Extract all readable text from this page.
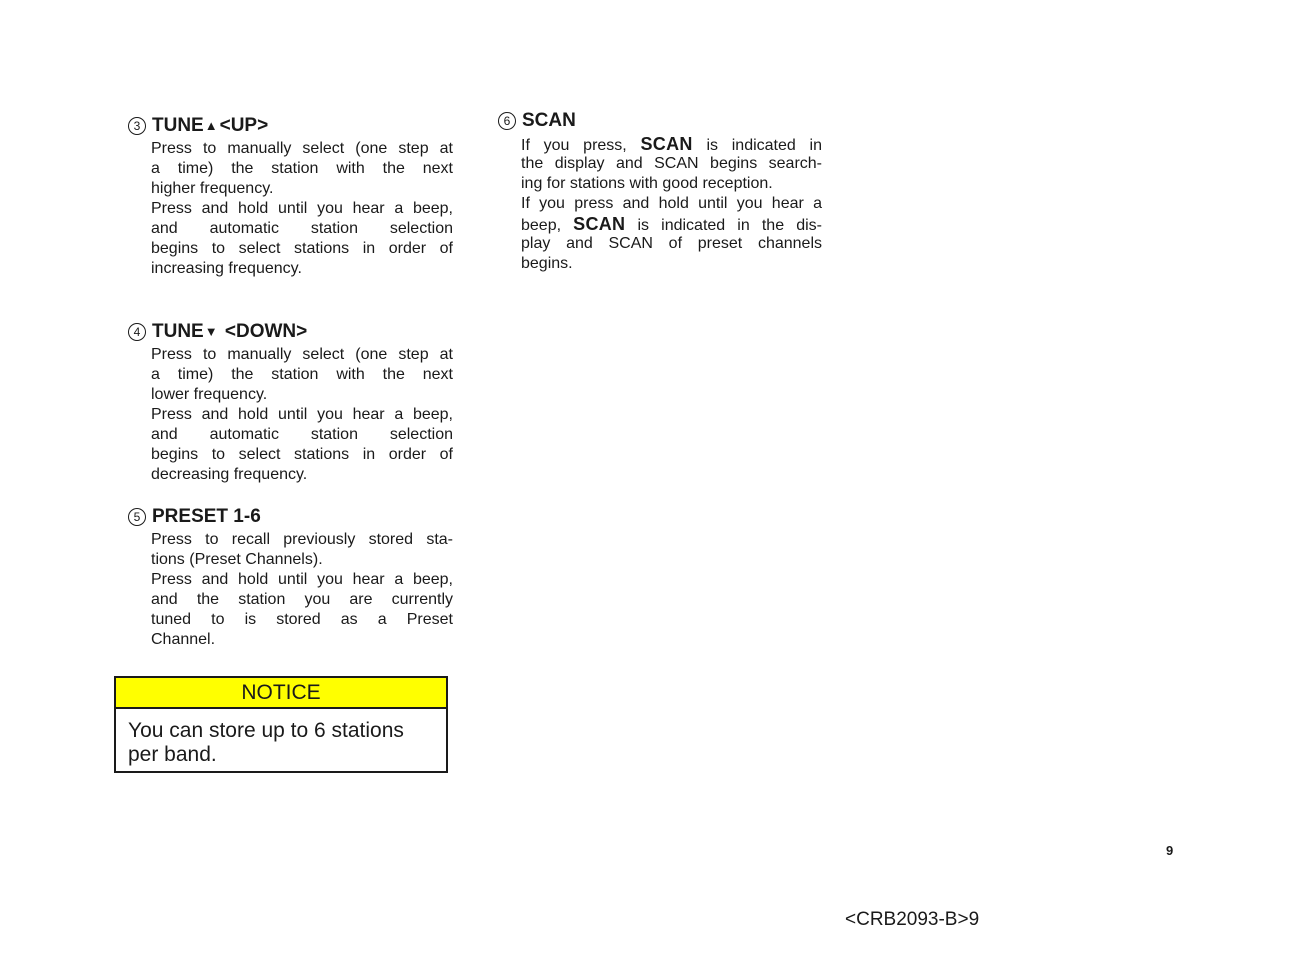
3 TUNE ▲ <UP>
Press to manually select (one step at
a time) the station with the next
higher frequency.
Press and hold until you hear a beep,
and automatic station selection
begins to select stations in order of
increasing frequency.
4 TUNE ▼ <DOWN>
Press to manually select (one step at
a time) the station with the next
lower frequency.
Press and hold until you hear a beep,
and automatic station selection
begins to select stations in order of
decreasing frequency.
5 PRESET 1-6
Press to recall previously stored sta-
tions (Preset Channels).
Press and hold until you hear a beep,
and the station you are currently
tuned to is stored as a Preset
Channel.
6 SCAN
If you press, SCAN is indicated in
the display and SCAN begins search-
ing for stations with good reception.
If you press and hold until you hear a
beep, SCAN is indicated in the dis-
play and SCAN of preset channels
begins.
NOTICE
You can store up to 6 stations
per band.
9
<CRB2093-B>9
